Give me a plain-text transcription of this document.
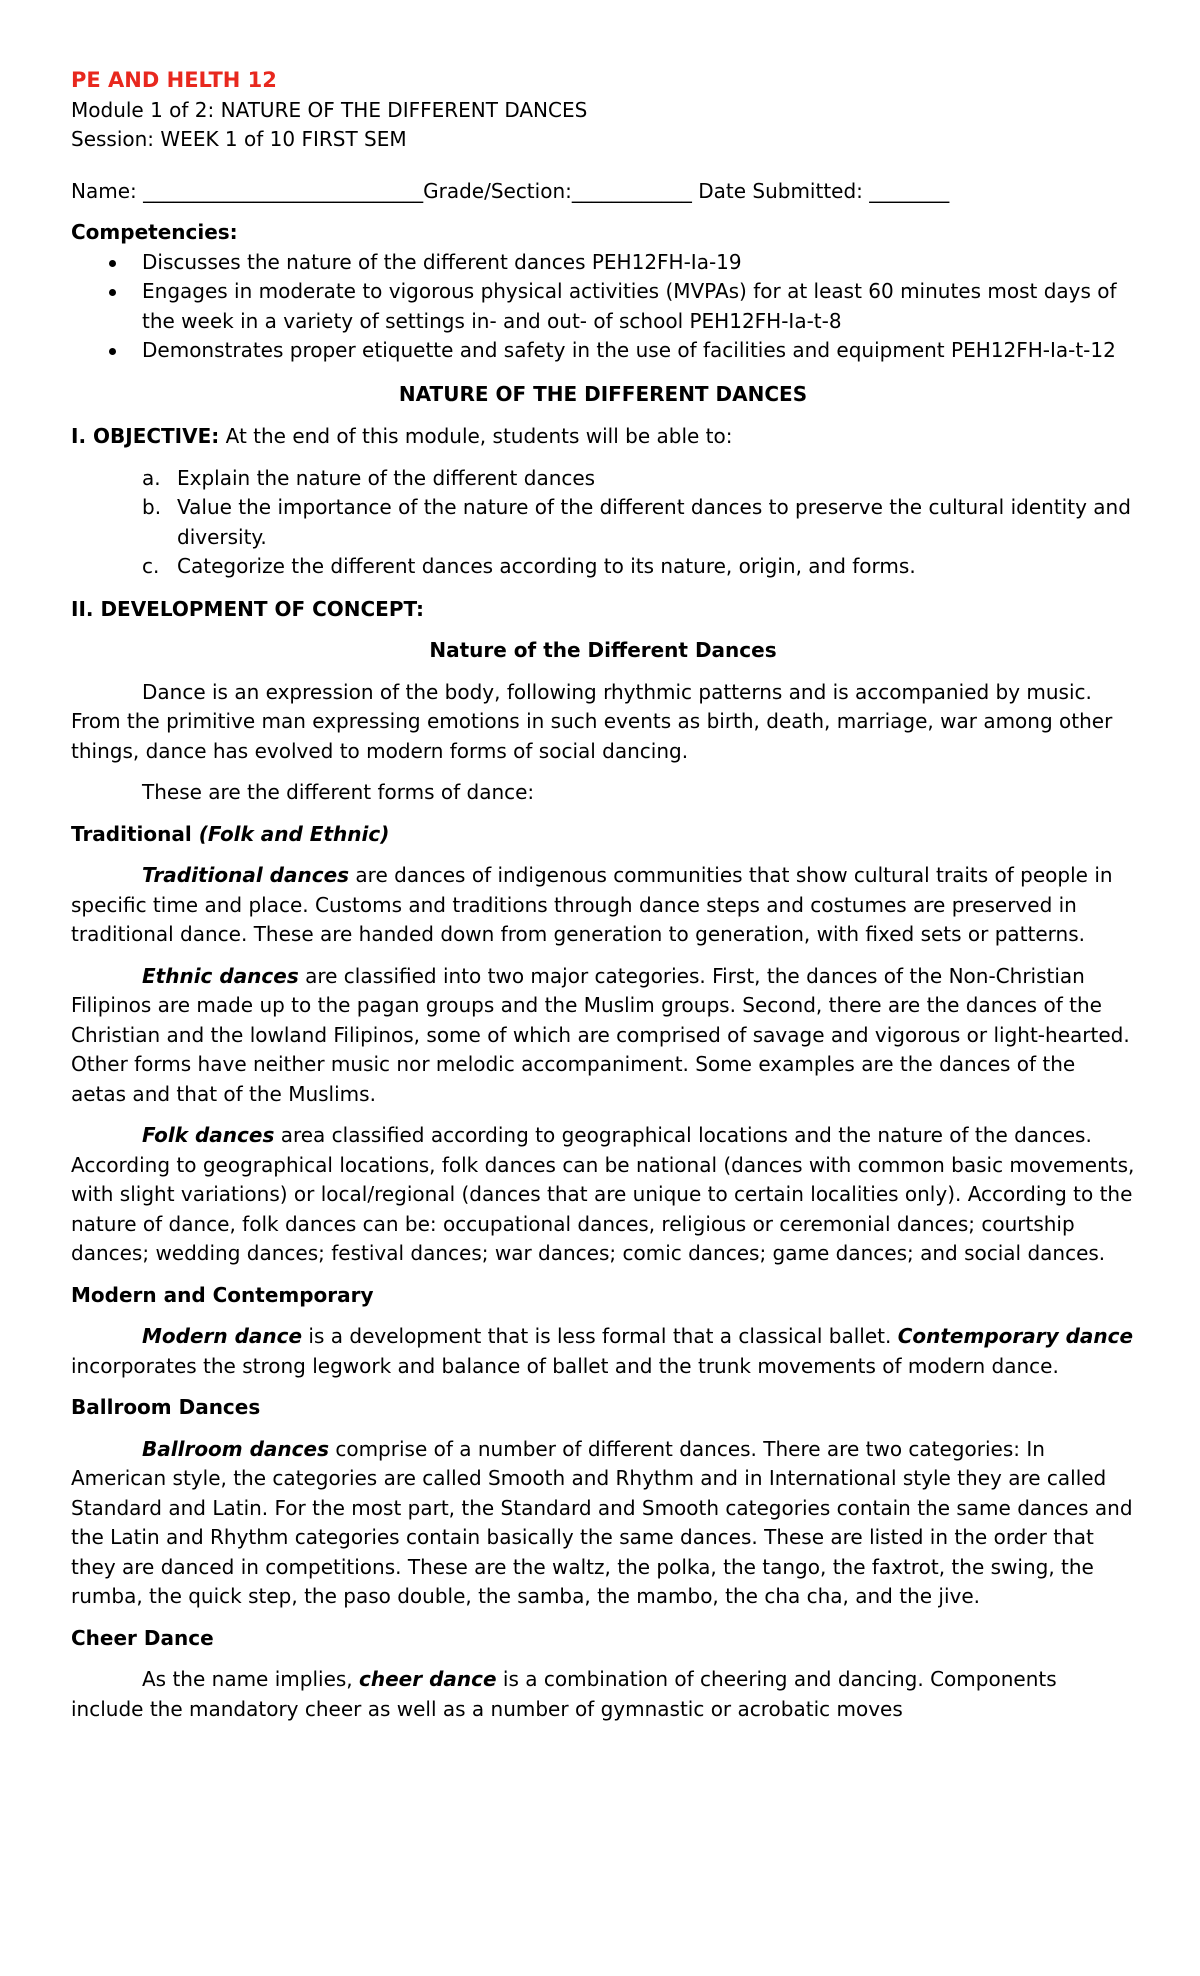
PE AND HELTH 12

Module 1 of 2: NATURE OF THE DIFFERENT DANCES

Session: WEEK 1 of 10 FIRST SEM

Name: ____________________________Grade/Section:____________ Date Submitted: ________

Competencies:

Discusses the nature of the different dances PEH12FH-Ia-19
Engages in moderate to vigorous physical activities (MVPAs) for at least 60 minutes most days of the week in a variety of settings in- and out- of school PEH12FH-Ia-t-8
Demonstrates proper etiquette and safety in the use of facilities and equipment PEH12FH-Ia-t-12

NATURE OF THE DIFFERENT DANCES

I. OBJECTIVE: At the end of this module, students will be able to:

a. Explain the nature of the different dances
b. Value the importance of the nature of the different dances to preserve the cultural identity and diversity.
c. Categorize the different dances according to its nature, origin, and forms.

II. DEVELOPMENT OF CONCEPT:

Nature of the Different Dances

Dance is an expression of the body, following rhythmic patterns and is accompanied by music. From the primitive man expressing emotions in such events as birth, death, marriage, war among other things, dance has evolved to modern forms of social dancing.

These are the different forms of dance:

Traditional (Folk and Ethnic)

Traditional dances are dances of indigenous communities that show cultural traits of people in specific time and place. Customs and traditions through dance steps and costumes are preserved in traditional dance. These are handed down from generation to generation, with fixed sets or patterns.

Ethnic dances are classified into two major categories. First, the dances of the Non-Christian Filipinos are made up to the pagan groups and the Muslim groups. Second, there are the dances of the Christian and the lowland Filipinos, some of which are comprised of savage and vigorous or light-hearted. Other forms have neither music nor melodic accompaniment. Some examples are the dances of the aetas and that of the Muslims.

Folk dances area classified according to geographical locations and the nature of the dances. According to geographical locations, folk dances can be national (dances with common basic movements, with slight variations) or local/regional (dances that are unique to certain localities only). According to the nature of dance, folk dances can be: occupational dances, religious or ceremonial dances; courtship dances; wedding dances; festival dances; war dances; comic dances; game dances; and social dances.

Modern and Contemporary

Modern dance is a development that is less formal that a classical ballet. Contemporary dance incorporates the strong legwork and balance of ballet and the trunk movements of modern dance.

Ballroom Dances

Ballroom dances comprise of a number of different dances. There are two categories: In American style, the categories are called Smooth and Rhythm and in International style they are called Standard and Latin. For the most part, the Standard and Smooth categories contain the same dances and the Latin and Rhythm categories contain basically the same dances. These are listed in the order that they are danced in competitions. These are the waltz, the polka, the tango, the faxtrot, the swing, the rumba, the quick step, the paso double, the samba, the mambo, the cha cha, and the jive.

Cheer Dance

As the name implies, cheer dance is a combination of cheering and dancing. Components include the mandatory cheer as well as a number of gymnastic or acrobatic moves
